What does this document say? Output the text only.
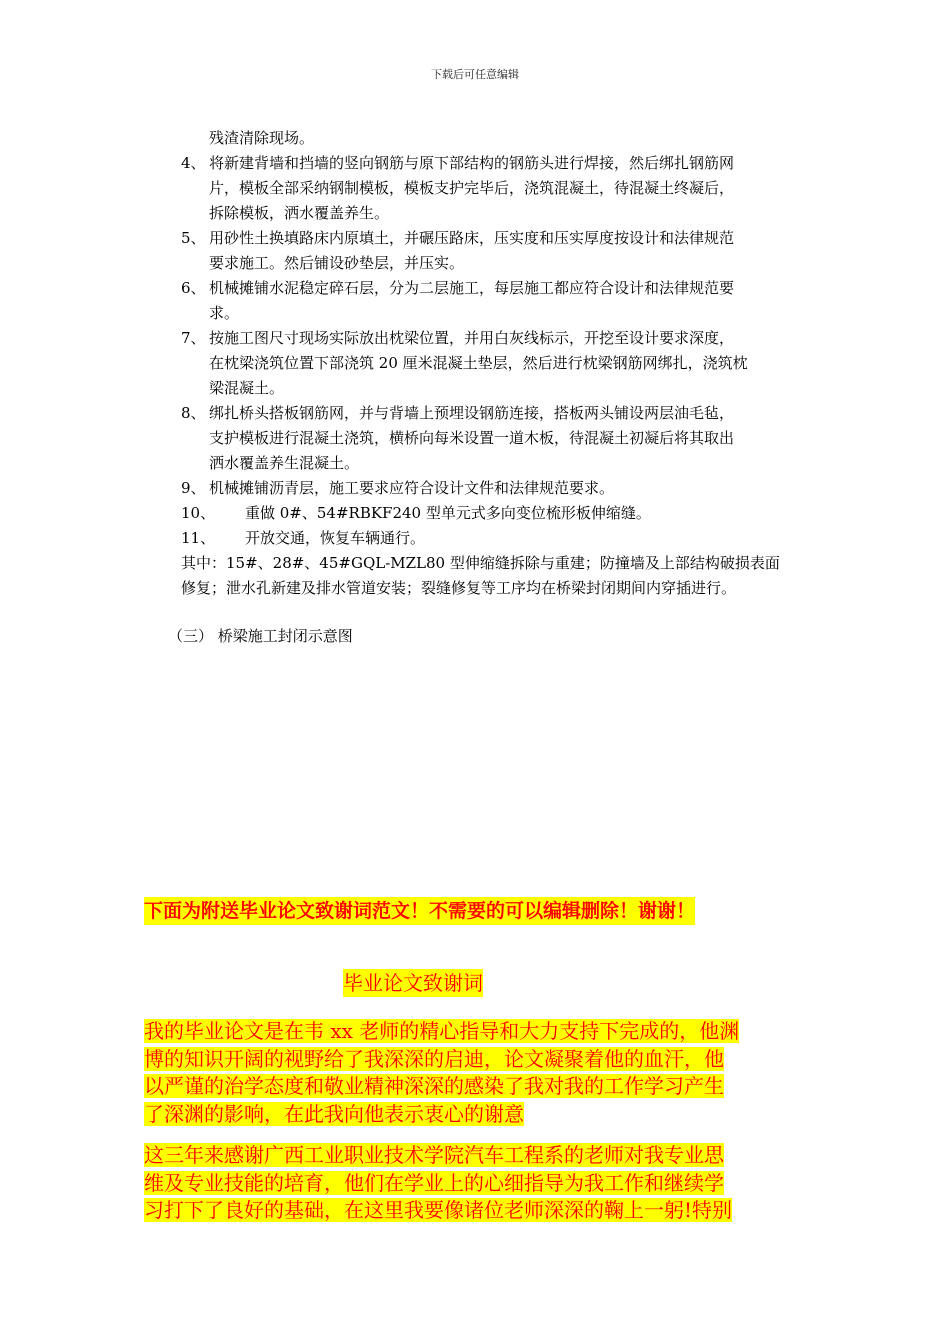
下载后可任意编辑
残渣清除现场。
4、 将新建背墙和挡墙的竖向钢筋与原下部结构的钢筋头进行焊接，然后绑扎钢筋网
片，模板全部采纳钢制模板，模板支护完毕后，浇筑混凝土，待混凝土终凝后，
拆除模板，洒水覆盖养生。
5、 用砂性土换填路床内原填土，并碾压路床，压实度和压实厚度按设计和法律规范
要求施工。然后铺设砂垫层，并压实。
6、 机械摊铺水泥稳定碎石层，分为二层施工，每层施工都应符合设计和法律规范要
求。
7、 按施工图尺寸现场实际放出枕梁位置，并用白灰线标示，开挖至设计要求深度，
在枕梁浇筑位置下部浇筑 20 厘米混凝土垫层，然后进行枕梁钢筋网绑扎，浇筑枕
梁混凝土。
8、 绑扎桥头搭板钢筋网，并与背墙上预埋设钢筋连接，搭板两头铺设两层油毛毡，
支护模板进行混凝土浇筑，横桥向每米设置一道木板，待混凝土初凝后将其取出
洒水覆盖养生混凝土。
9、 机械摊铺沥青层，施工要求应符合设计文件和法律规范要求。
10、 重做 0#、54#RBKF240 型单元式多向变位梳形板伸缩缝。
11、 开放交通，恢复车辆通行。
其中：15#、28#、45#GQL-MZL80 型伸缩缝拆除与重建；防撞墙及上部结构破损表面
修复；泄水孔新建及排水管道安装；裂缝修复等工序均在桥梁封闭期间内穿插进行。
（三） 桥梁施工封闭示意图
下面为附送毕业论文致谢词范文！不需要的可以编辑删除！谢谢！
毕业论文致谢词
我的毕业论文是在韦 xx 老师的精心指导和大力支持下完成的，他渊
博的知识开阔的视野给了我深深的启迪，论文凝聚着他的血汗，他
以严谨的治学态度和敬业精神深深的感染了我对我的工作学习产生
了深渊的影响，在此我向他表示衷心的谢意
这三年来感谢广西工业职业技术学院汽车工程系的老师对我专业思
维及专业技能的培育，他们在学业上的心细指导为我工作和继续学
习打下了良好的基础，在这里我要像诸位老师深深的鞠上一躬!特别
